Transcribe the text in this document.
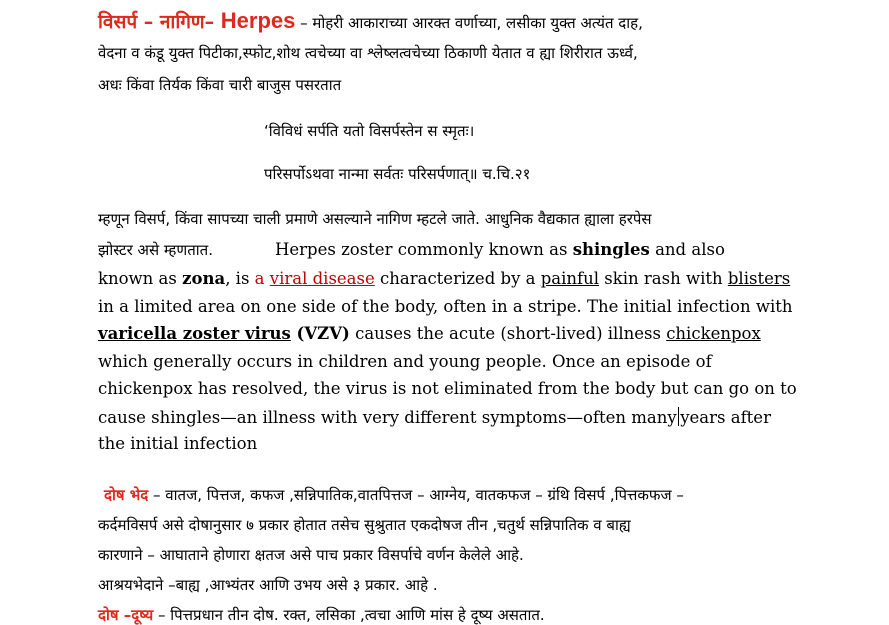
विसर्प – नागिण– Herpes – मोहरी आकाराच्या आरक्त वर्णाच्या, लसीका युक्त अत्यंत दाह,
वेदना व कंडू युक्त पिटीका,स्फोट,शोथ त्वचेच्या वा श्लेष्लत्वचेच्या ठिकाणी येतात व ह्या शिरीरात ऊर्ध्व,
अधः किंवा तिर्यक किंवा चारी बाजुस पसरतात
‘विविधं सर्पति यतो विसर्पस्तेन स स्मृतः।
परिसर्पोऽथवा नान्मा सर्वतः परिसर्पणात्॥ च.चि.२१
म्हणून विसर्प, किंवा सापच्या चाली प्रमाणे असल्याने नागिण म्हटले जाते. आधुनिक वैद्यकात ह्याला हरपेस
झोस्टर असे म्हणतात.	Herpes zoster commonly known as shingles and also
known as zona, is a viral disease characterized by a painful skin rash with blisters
in a limited area on one side of the body, often in a stripe. The initial infection with
varicella zoster virus (VZV) causes the acute (short-lived) illness chickenpox
which generally occurs in children and young people. Once an episode of
chickenpox has resolved, the virus is not eliminated from the body but can go on to
cause shingles—an illness with very different symptoms—often many years after
the initial infection
दोष भेद – वातज, पित्तज, कफज ,सन्निपातिक,वातपित्तज – आग्नेय, वातकफज – ग्रंथि विसर्प ,पित्तकफज –
कर्दमविसर्प असे दोषानुसार ७ प्रकार होतात तसेच सुश्रुतात एकदोषज तीन ,चतुर्थ सन्निपातिक व बाह्य
कारणाने – आघाताने होणारा क्षतज असे पाच प्रकार विसर्पाचे वर्णन केलेले आहे.
आश्रयभेदाने –बाह्य ,आभ्यंतर आणि उभय असे ३ प्रकार. आहे .
दोष –दूष्य – पित्तप्रधान तीन दोष. रक्त, लसिका ,त्वचा आणि मांस हे दूष्य असतात.
